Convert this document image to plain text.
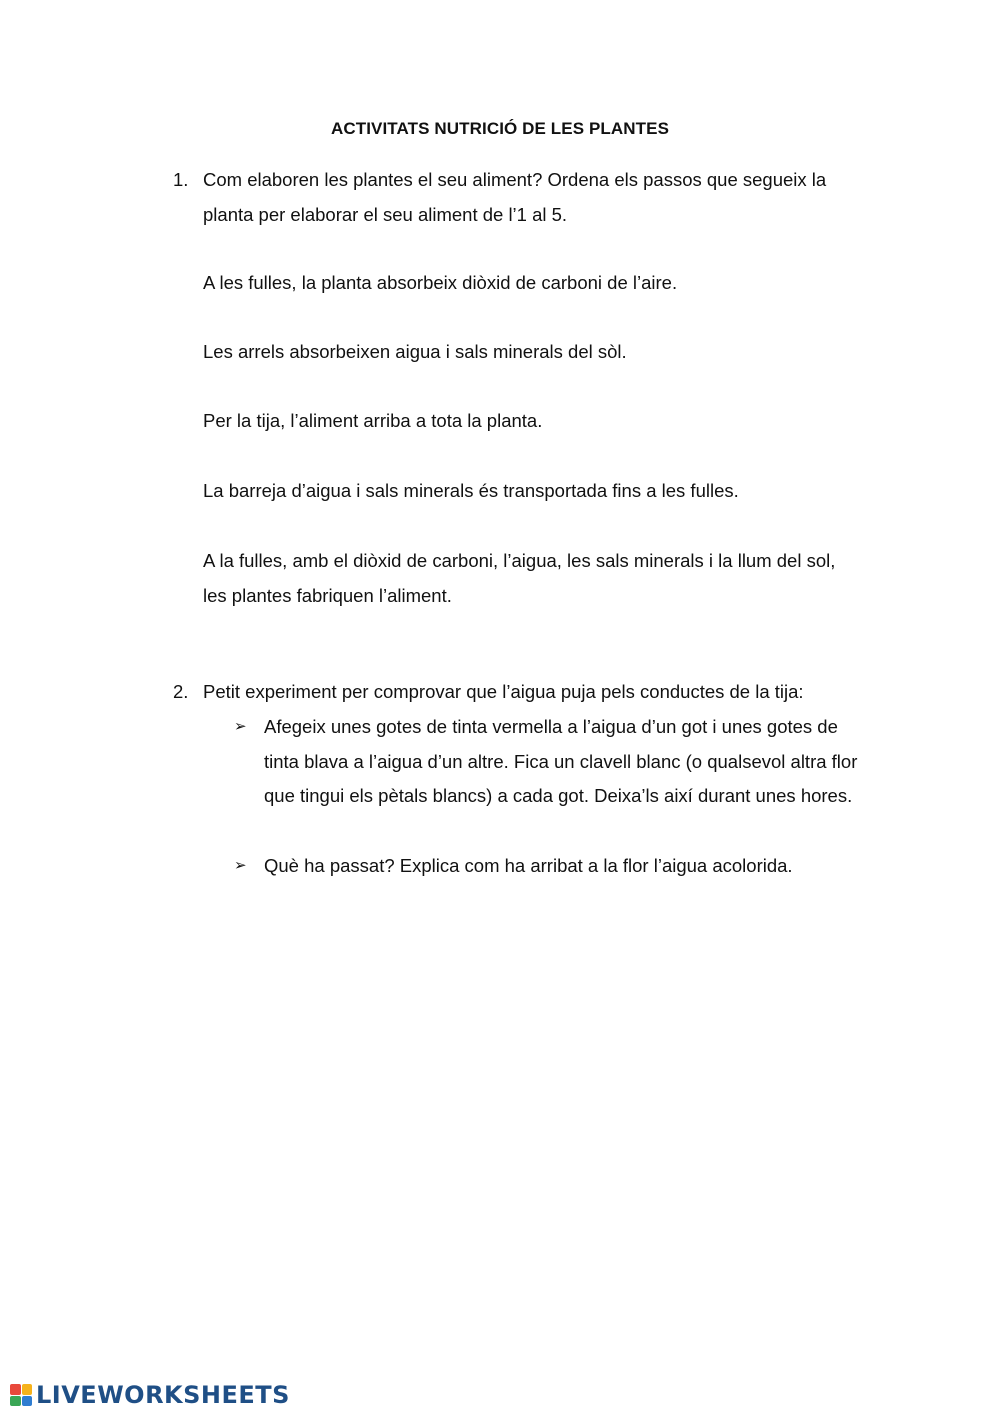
ACTIVITATS NUTRICIÓ DE LES PLANTES
1. Com elaboren les plantes el seu aliment? Ordena els passos que segueix la planta per elaborar el seu aliment de l’1 al 5.
A les fulles, la planta absorbeix diòxid de carboni de l’aire.
Les arrels absorbeixen aigua i sals minerals del sòl.
Per la tija, l’aliment arriba a tota la planta.
La barreja d’aigua i sals minerals és transportada fins a les fulles.
A la fulles, amb el diòxid de carboni, l’aigua, les sals minerals i la llum del sol, les plantes fabriquen l’aliment.
2. Petit experiment per comprovar que l’aigua puja pels conductes de la tija:
➢ Afegeix unes gotes de tinta vermella a l’aigua d’un got i unes gotes de tinta blava a l’aigua d’un altre. Fica un clavell blanc (o qualsevol altra flor que tingui els pètals blancs) a cada got. Deixa’ls així durant unes hores.
➢ Què ha passat? Explica com ha arribat a la flor l’aigua acolorida.
LIVEWORKSHEETS
